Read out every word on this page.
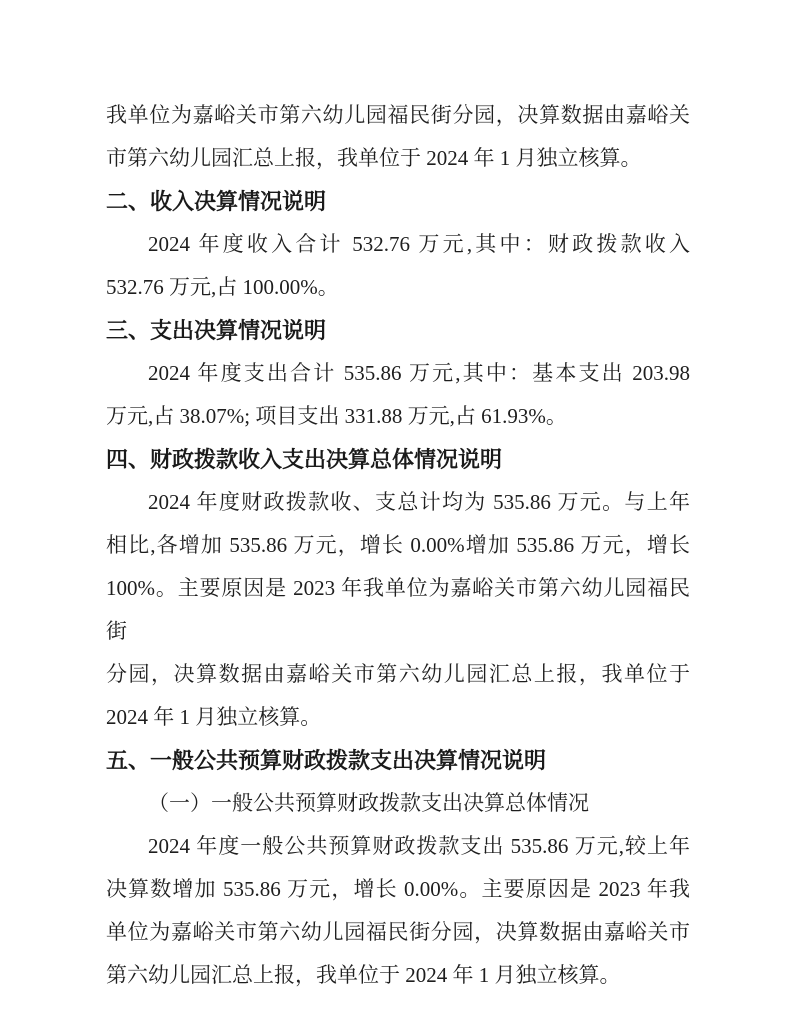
我单位为嘉峪关市第六幼儿园福民街分园，决算数据由嘉峪关
市第六幼儿园汇总上报，我单位于 2024 年 1 月独立核算。
二、收入决算情况说明
2024 年度收入合计 532.76 万元,其中：财政拨款收入
532.76 万元,占 100.00%。
三、支出决算情况说明
2024 年度支出合计 535.86 万元,其中：基本支出 203.98
万元,占 38.07%; 项目支出 331.88 万元,占 61.93%。
四、财政拨款收入支出决算总体情况说明
2024 年度财政拨款收、支总计均为 535.86 万元。与上年
相比,各增加 535.86 万元，增长 0.00%增加 535.86 万元，增长
100%。主要原因是 2023 年我单位为嘉峪关市第六幼儿园福民街
分园，决算数据由嘉峪关市第六幼儿园汇总上报，我单位于
2024 年 1 月独立核算。
五、一般公共预算财政拨款支出决算情况说明
（一）一般公共预算财政拨款支出决算总体情况
2024 年度一般公共预算财政拨款支出 535.86 万元,较上年
决算数增加 535.86 万元，增长 0.00%。主要原因是 2023 年我
单位为嘉峪关市第六幼儿园福民街分园，决算数据由嘉峪关市
第六幼儿园汇总上报，我单位于 2024 年 1 月独立核算。
